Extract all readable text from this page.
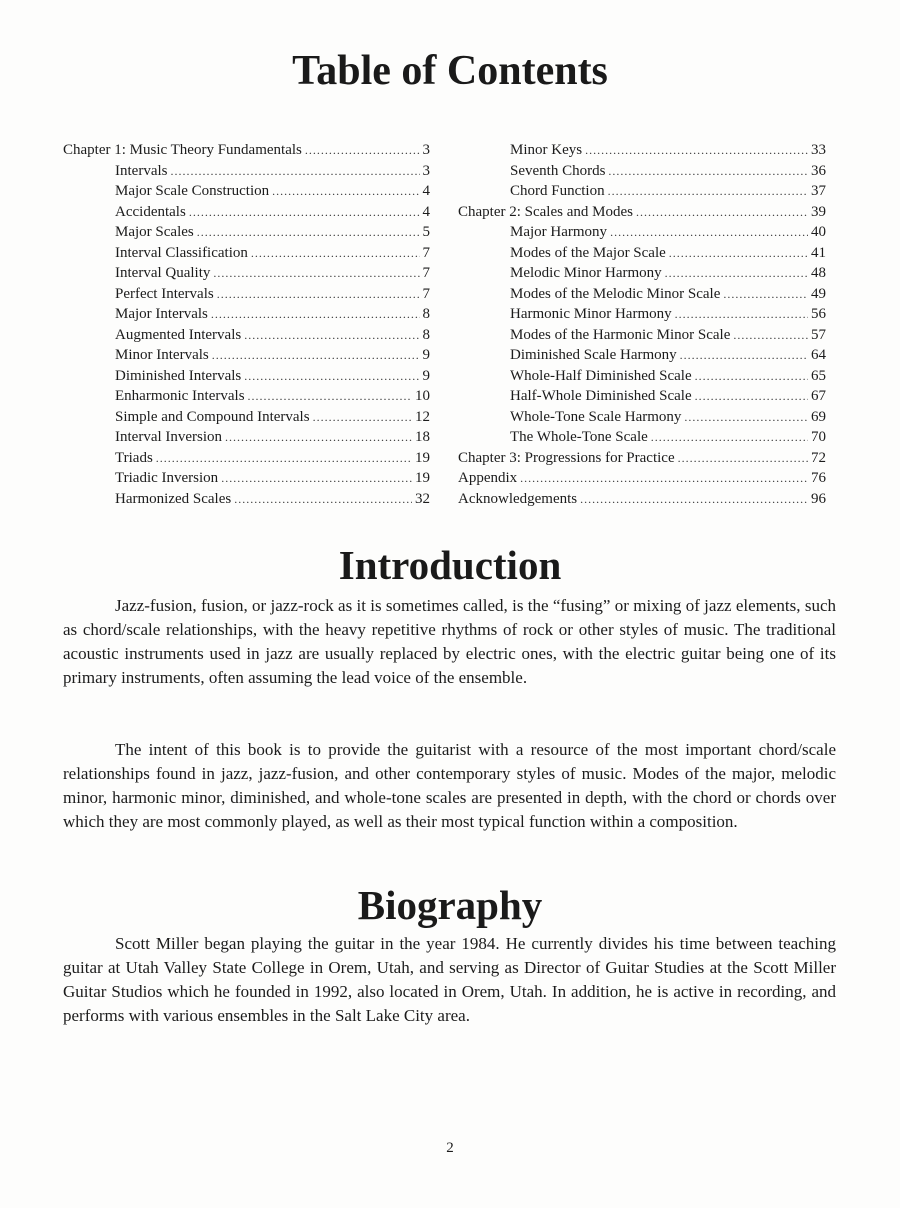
Table of Contents
Chapter 1: Music Theory Fundamentals . . .	3
Intervals . . .	3
Major Scale Construction . . .	4
Accidentals . . .	4
Major Scales . . .	5
Interval Classification . . .	7
Interval Quality . . .	7
Perfect Intervals . . .	7
Major Intervals . . .	8
Augmented Intervals . . .	8
Minor Intervals . . .	9
Diminished Intervals . . .	9
Enharmonic Intervals . . .	10
Simple and Compound Intervals . . .	12
Interval Inversion . . .	18
Triads . . .	19
Triadic Inversion . . .	19
Harmonized Scales . . .	32
Minor Keys . . .	33
Seventh Chords . . .	36
Chord Function . . .	37
Chapter 2: Scales and Modes . . .	39
Major Harmony . . .	40
Modes of the Major Scale . . .	41
Melodic Minor Harmony . . .	48
Modes of the Melodic Minor Scale . . .	49
Harmonic Minor Harmony . . .	56
Modes of the Harmonic Minor Scale . . .	57
Diminished Scale Harmony . . .	64
Whole-Half Diminished Scale . . .	65
Half-Whole Diminished Scale . . .	67
Whole-Tone Scale Harmony . . .	69
The Whole-Tone Scale . . .	70
Chapter 3: Progressions for Practice . . .	72
Appendix . . .	76
Acknowledgements . . .	96
Introduction

Jazz-fusion, fusion, or jazz-rock as it is sometimes called, is the “fusing” or mixing of jazz elements, such as chord/scale relationships, with the heavy repetitive rhythms of rock or other styles of music. The traditional acoustic instruments used in jazz are usually replaced by electric ones, with the electric guitar being one of its primary instruments, often assuming the lead voice of the ensemble.

The intent of this book is to provide the guitarist with a resource of the most important chord/scale relationships found in jazz, jazz-fusion, and other contemporary styles of music. Modes of the major, melodic minor, harmonic minor, diminished, and whole-tone scales are presented in depth, with the chord or chords over which they are most commonly played, as well as their most typical function within a composition.

Biography

Scott Miller began playing the guitar in the year 1984. He currently divides his time between teaching guitar at Utah Valley State College in Orem, Utah, and serving as Director of Guitar Studies at the Scott Miller Guitar Studios which he founded in 1992, also located in Orem, Utah. In addition, he is active in recording, and performs with various ensembles in the Salt Lake City area.

2
